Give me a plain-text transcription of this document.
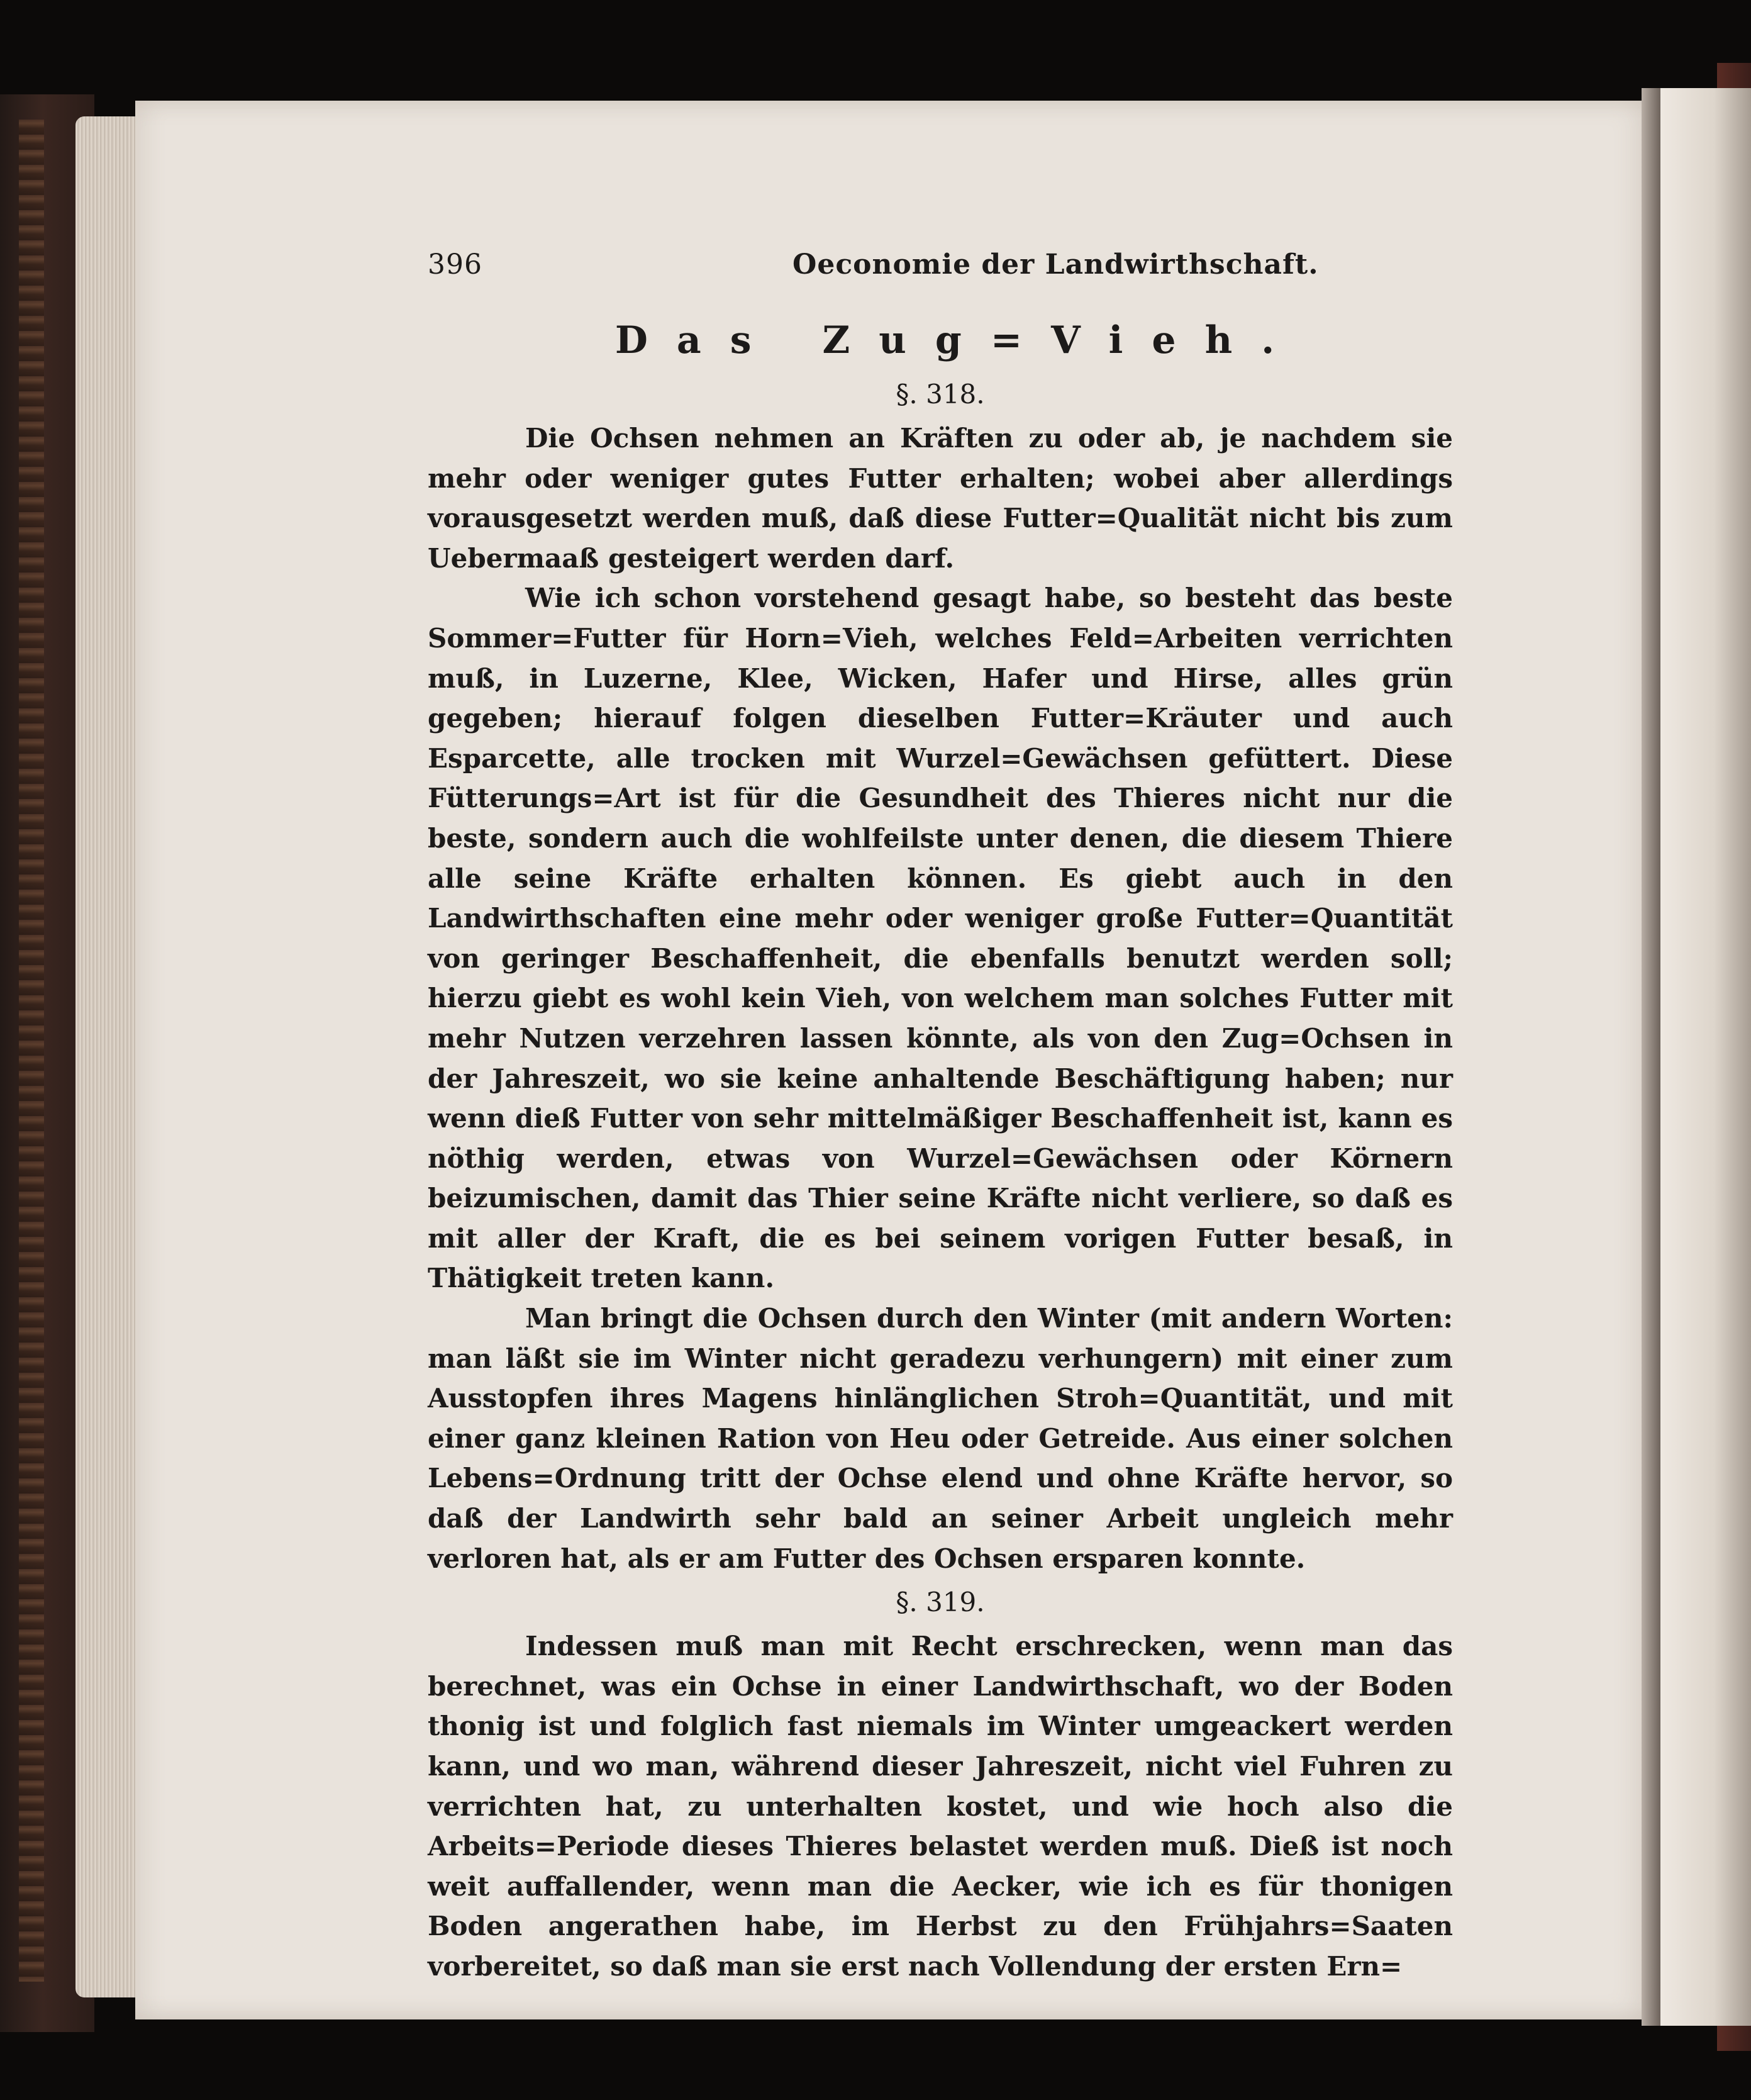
396	Oeconomie der Landwirthschaft.
Das Zug=Vieh.
§. 318.

Die Ochsen nehmen an Kräften zu oder ab, je nachdem sie mehr oder weniger gutes Futter erhalten; wobei aber allerdings vorausgesetzt werden muß, daß diese Futter=Qualität nicht bis zum Uebermaaß gesteigert werden darf.

Wie ich schon vorstehend gesagt habe, so besteht das beste Sommer=Futter für Horn=Vieh, welches Feld=Arbeiten verrichten muß, in Luzerne, Klee, Wicken, Hafer und Hirse, alles grün gegeben; hierauf folgen dieselben Futter=Kräuter und auch Esparcette, alle trocken mit Wurzel=Gewächsen gefüttert. Diese Fütterungs=Art ist für die Gesundheit des Thieres nicht nur die beste, sondern auch die wohlfeilste unter denen, die diesem Thiere alle seine Kräfte erhalten können. Es giebt auch in den Landwirthschaften eine mehr oder weniger große Futter=Quantität von geringer Beschaffenheit, die ebenfalls benutzt werden soll; hierzu giebt es wohl kein Vieh, von welchem man solches Futter mit mehr Nutzen verzehren lassen könnte, als von den Zug=Ochsen in der Jahreszeit, wo sie keine anhaltende Beschäftigung haben; nur wenn dieß Futter von sehr mittelmäßiger Beschaffenheit ist, kann es nöthig werden, etwas von Wurzel=Gewächsen oder Körnern beizumischen, damit das Thier seine Kräfte nicht verliere, so daß es mit aller der Kraft, die es bei seinem vorigen Futter besaß, in Thätigkeit treten kann.

Man bringt die Ochsen durch den Winter (mit andern Worten: man läßt sie im Winter nicht geradezu verhungern) mit einer zum Ausstopfen ihres Magens hinlänglichen Stroh=Quantität, und mit einer ganz kleinen Ration von Heu oder Getreide. Aus einer solchen Lebens=Ordnung tritt der Ochse elend und ohne Kräfte hervor, so daß der Landwirth sehr bald an seiner Arbeit ungleich mehr verloren hat, als er am Futter des Ochsen ersparen konnte.

§. 319.

Indessen muß man mit Recht erschrecken, wenn man das berechnet, was ein Ochse in einer Landwirthschaft, wo der Boden thonig ist und folglich fast niemals im Winter umgeackert werden kann, und wo man, während dieser Jahreszeit, nicht viel Fuhren zu verrichten hat, zu unterhalten kostet, und wie hoch also die Arbeits=Periode dieses Thieres belastet werden muß. Dieß ist noch weit auffallender, wenn man die Aecker, wie ich es für thonigen Boden angerathen habe, im Herbst zu den Frühjahrs=Saaten vorbereitet, so daß man sie erst nach Vollendung der ersten Ern=
